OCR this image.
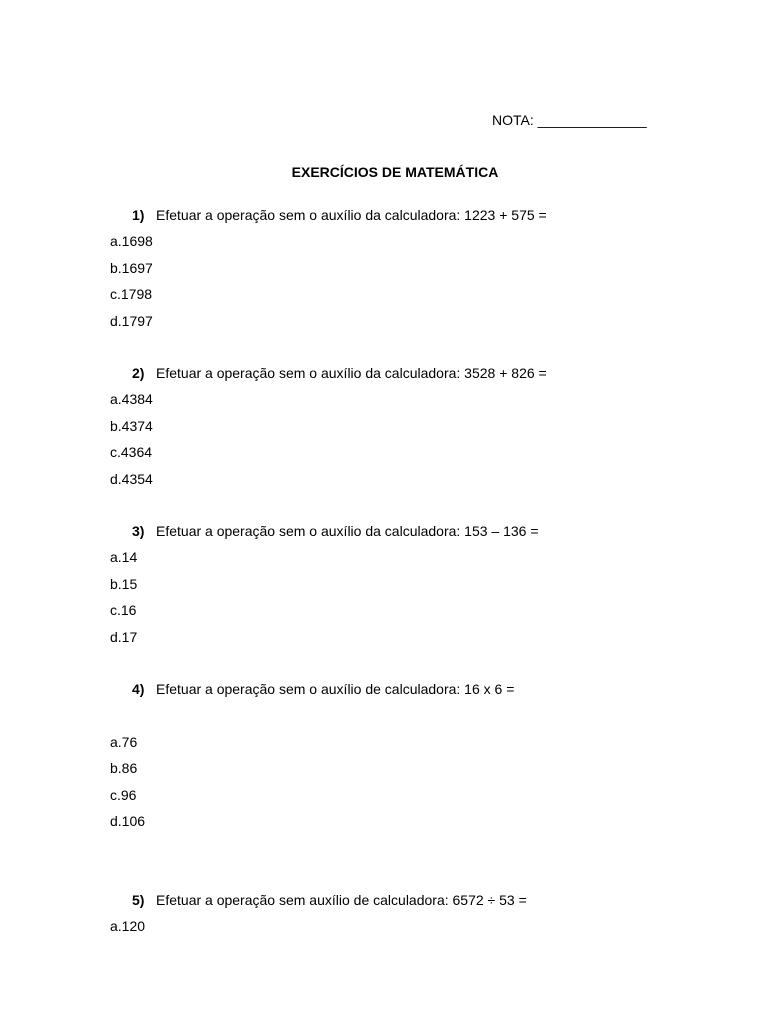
NOTA: ______________
EXERCÍCIOS DE MATEMÁTICA
1) Efetuar a operação sem o auxílio da calculadora: 1223 + 575 =
a.1698
b.1697
c.1798
d.1797
2) Efetuar a operação sem o auxílio da calculadora: 3528 + 826 =
a.4384
b.4374
c.4364
d.4354
3) Efetuar a operação sem o auxílio da calculadora: 153 – 136 =
a.14
b.15
c.16
d.17
4) Efetuar a operação sem o auxílio de calculadora: 16 x 6 =
a.76
b.86
c.96
d.106
5) Efetuar a operação sem auxílio de calculadora: 6572 ÷ 53 =
a.120
